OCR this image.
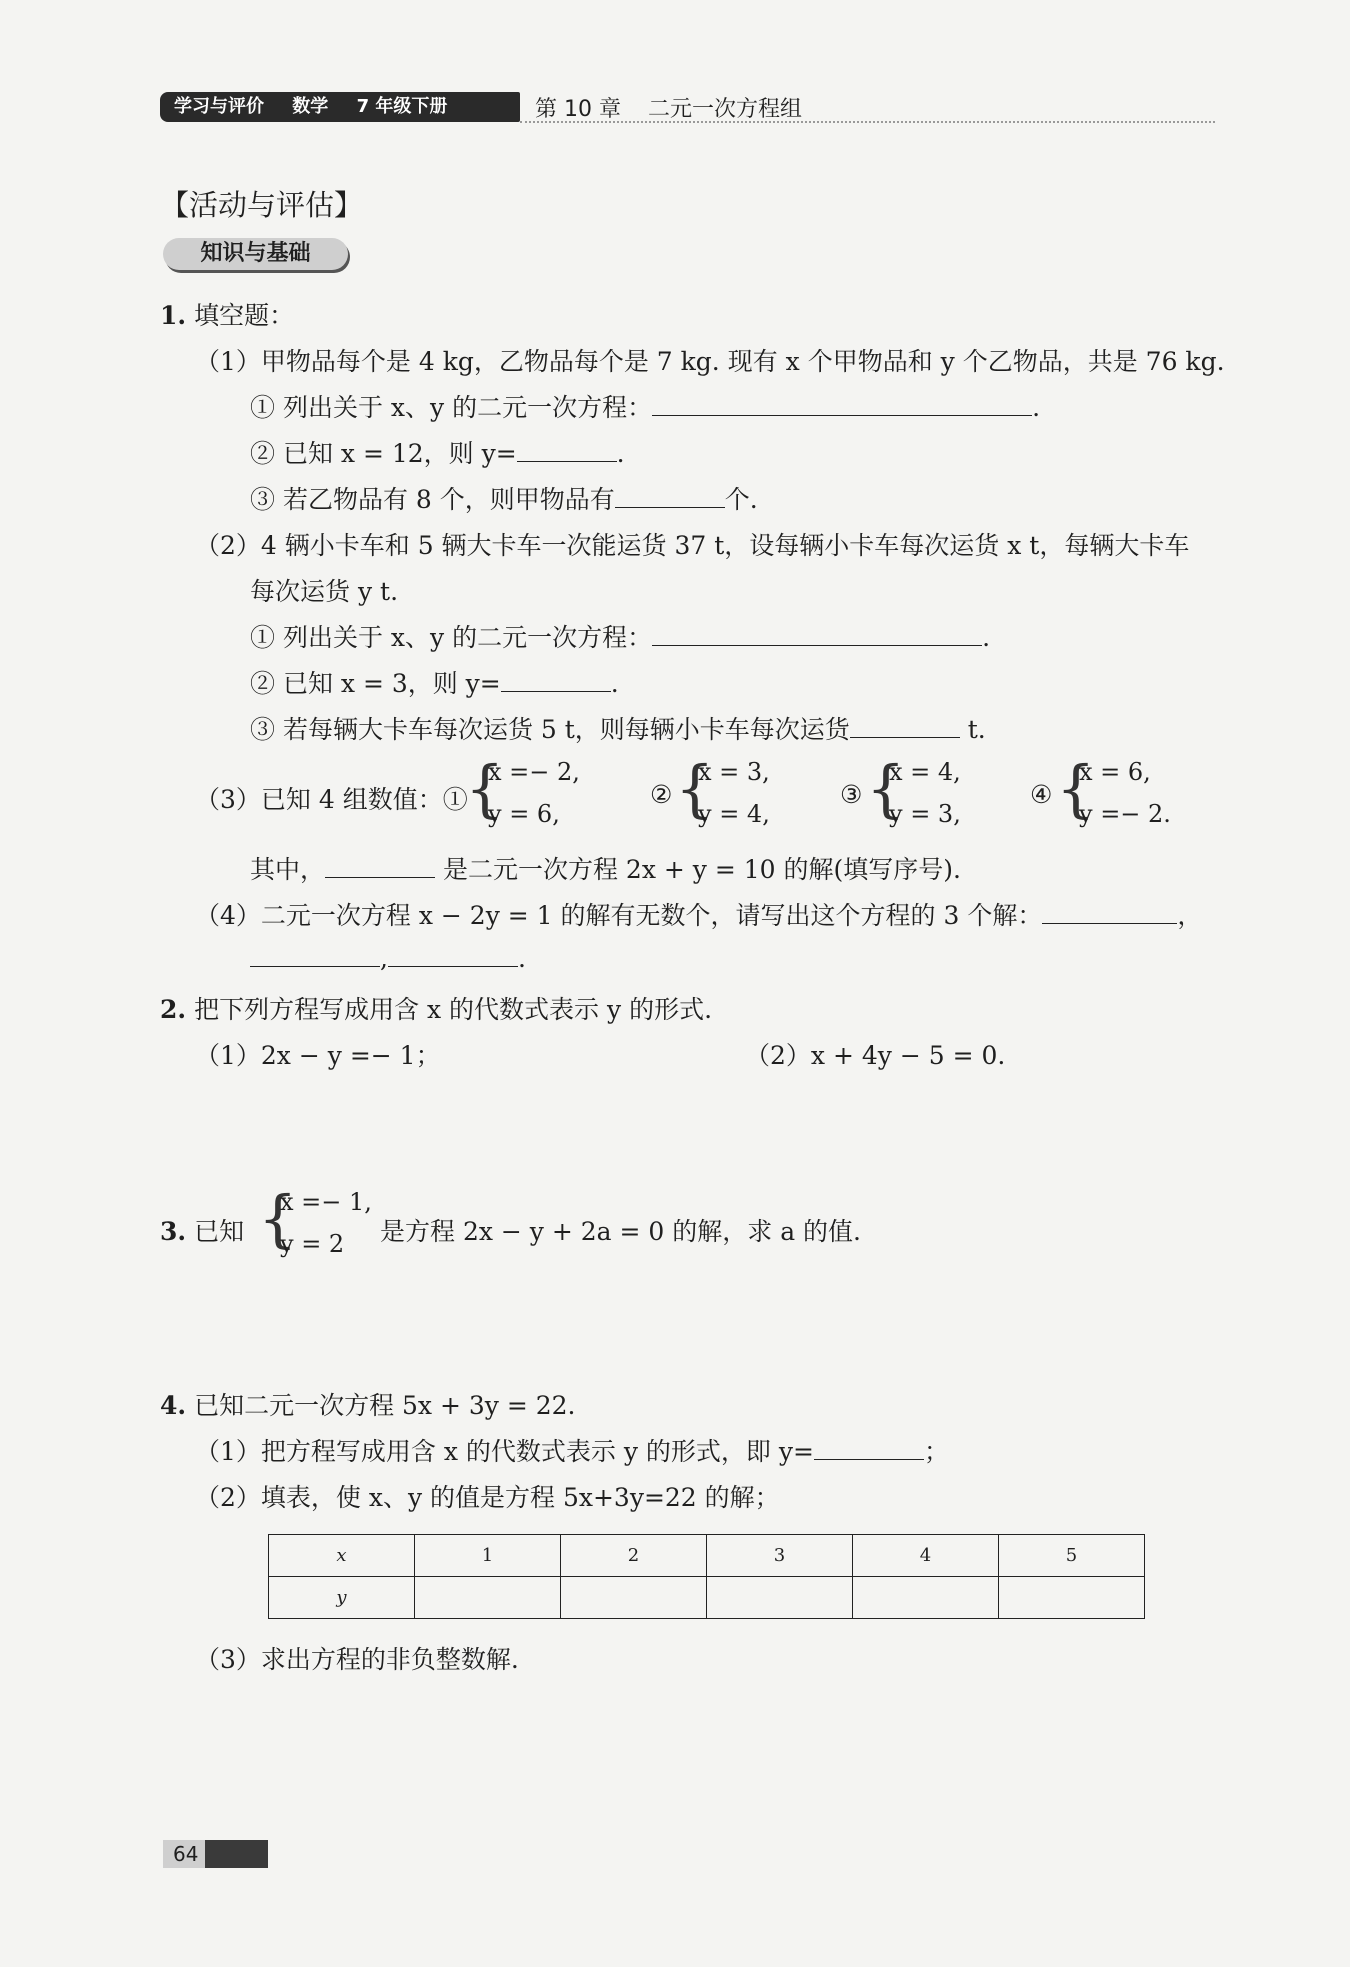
学习与评价 数学 7 年级下册	第 10 章 二元一次方程组
【活动与评估】
知识与基础
1. 填空题：
（1）甲物品每个是 4 kg，乙物品每个是 7 kg. 现有 x 个甲物品和 y 个乙物品，共是 76 kg.
① 列出关于 x、y 的二元一次方程：	.
② 已知 x = 12，则 y=	.
③ 若乙物品有 8 个，则甲物品有	个.
（2）4 辆小卡车和 5 辆大卡车一次能运货 37 t，设每辆小卡车每次运货 x t，每辆大卡车
每次运货 y t.
① 列出关于 x、y 的二元一次方程：	.
② 已知 x = 3，则 y=	.
③ 若每辆大卡车每次运货 5 t，则每辆小卡车每次运货	t.
（3）已知 4 组数值：①
{
x =− 2,
y = 6,
② {
x = 3,
y = 4,
③ {
x = 4,
y = 3,
④ {
x = 6,
y =− 2.
其中，	是二元一次方程 2x + y = 10 的解(填写序号).
（4）二元一次方程 x − 2y = 1 的解有无数个，请写出这个方程的 3 个解：	，
,	.
2. 把下列方程写成用含 x 的代数式表示 y 的形式.
（1）2x − y =− 1；	（2）x + 4y − 5 = 0.
3. 已知 {
x =− 1,
y = 2	是方程 2x − y + 2a = 0 的解，求 a 的值.
4. 已知二元一次方程 5x + 3y = 22.
（1）把方程写成用含 x 的代数式表示 y 的形式，即 y=	；
（2）填表，使 x、y 的值是方程 5x+3y=22 的解；
x	1	2	3	4	5
y					
（3）求出方程的非负整数解.
64
